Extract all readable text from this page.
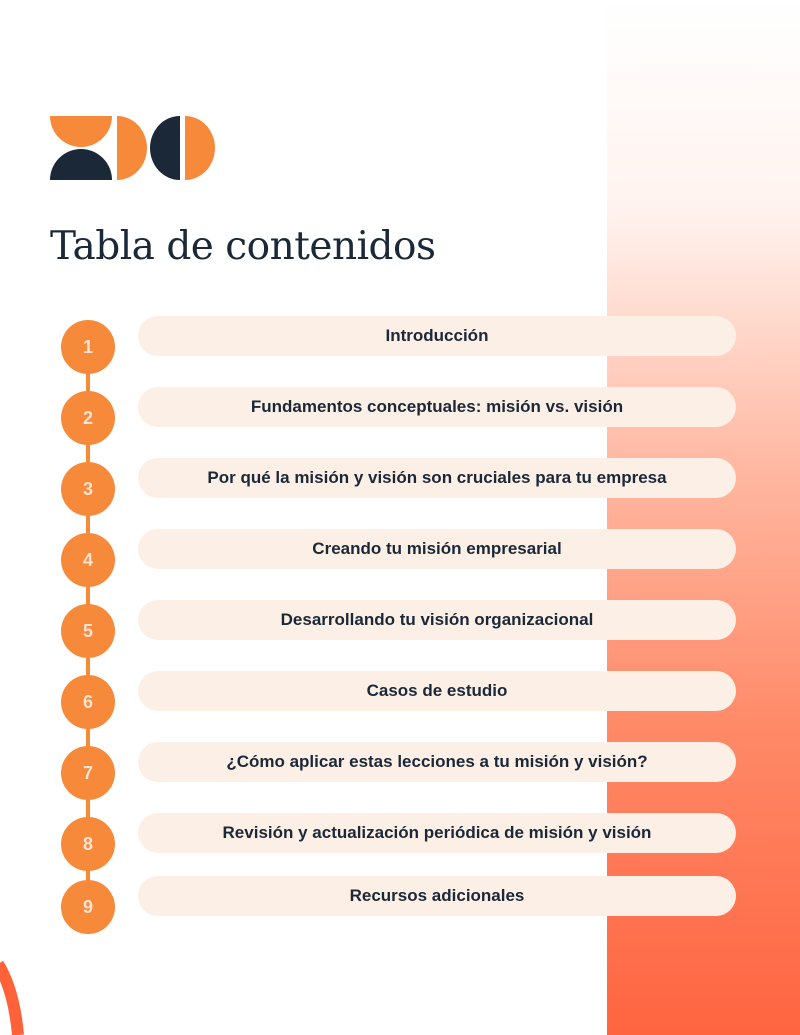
Tabla de contenidos
1
Introducción
2
Fundamentos conceptuales: misión vs. visión
3
Por qué la misión y visión son cruciales para tu empresa
4
Creando tu misión empresarial
5
Desarrollando tu visión organizacional
6
Casos de estudio
7
¿Cómo aplicar estas lecciones a tu misión y visión?
8
Revisión y actualización periódica de misión y visión
9
Recursos adicionales
